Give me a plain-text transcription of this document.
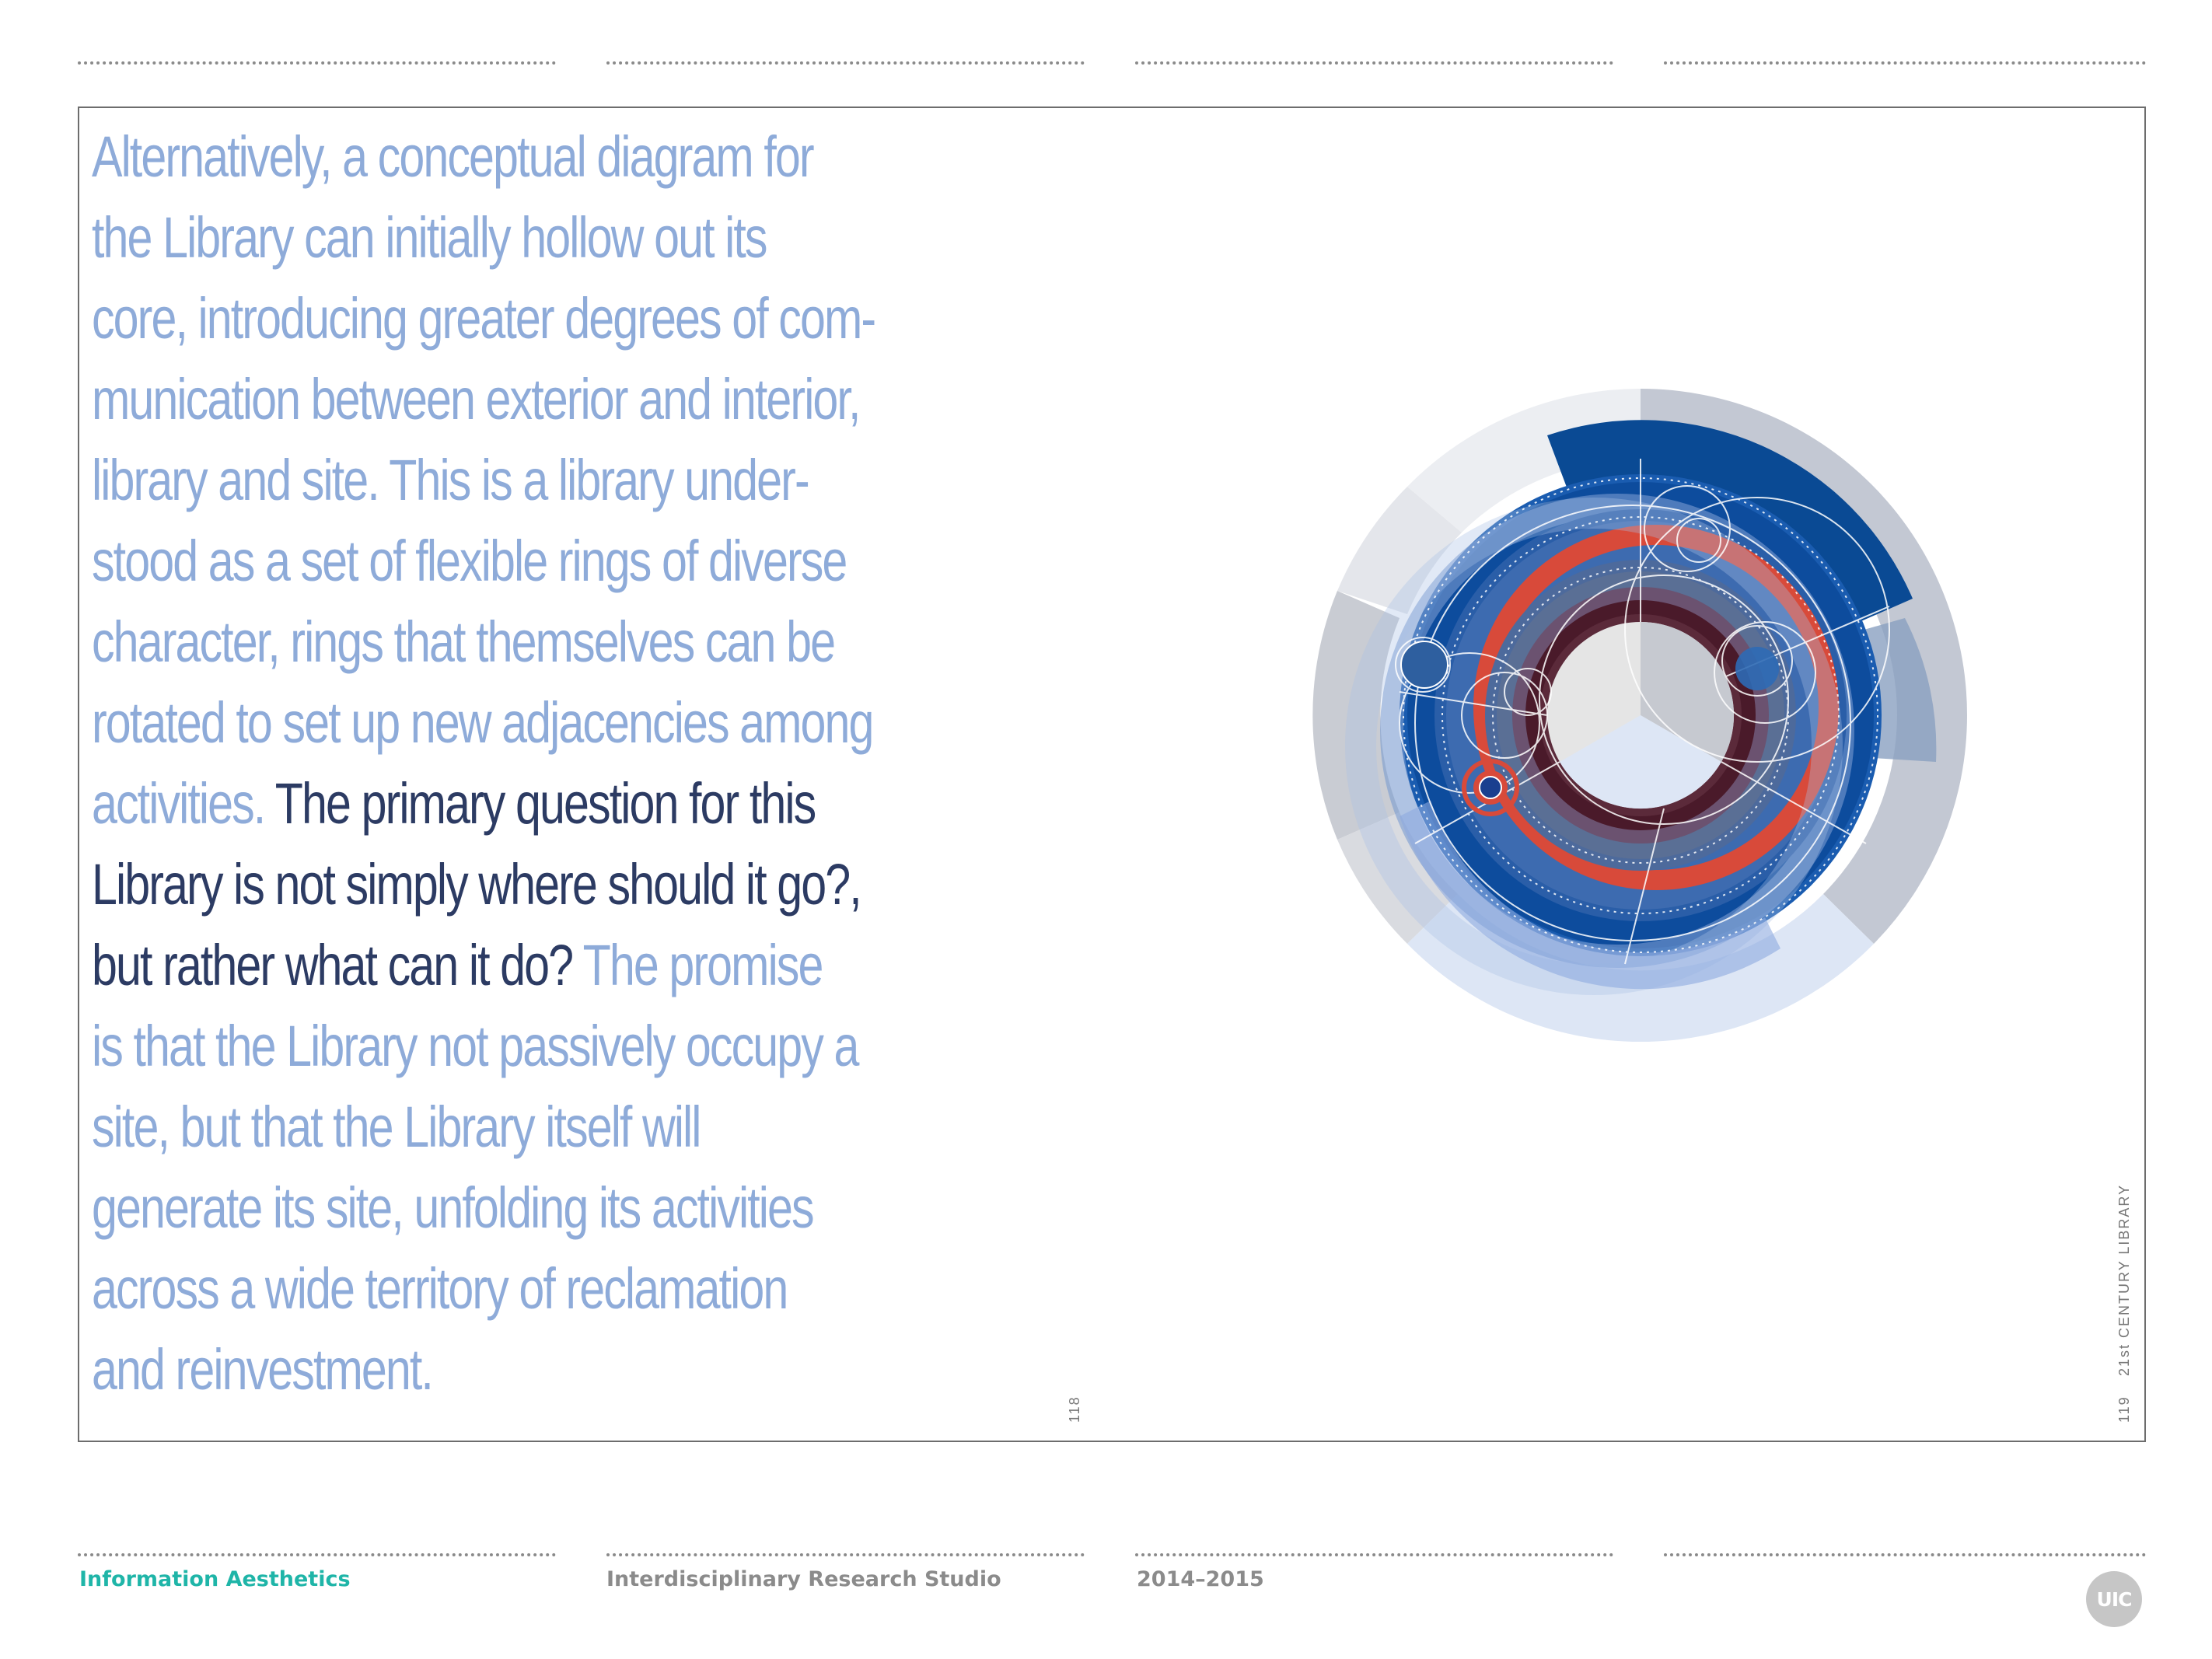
Alternatively, a conceptual diagram for
the Library can initially hollow out its
core, introducing greater degrees of com-
munication between exterior and interior,
library and site. This is a library under-
stood as a set of flexible rings of diverse
character, rings that themselves can be
rotated to set up new adjacencies among
activities. The primary question for this
Library is not simply where should it go?,
but rather what can it do? The promise
is that the Library not passively occupy a
site, but that the Library itself will
generate its site, unfolding its activities
across a wide territory of reclamation
and reinvestment.

118	119
21st CENTURY LIBRARY
Information Aesthetics	Interdisciplinary Research Studio	2014–2015
UIC
